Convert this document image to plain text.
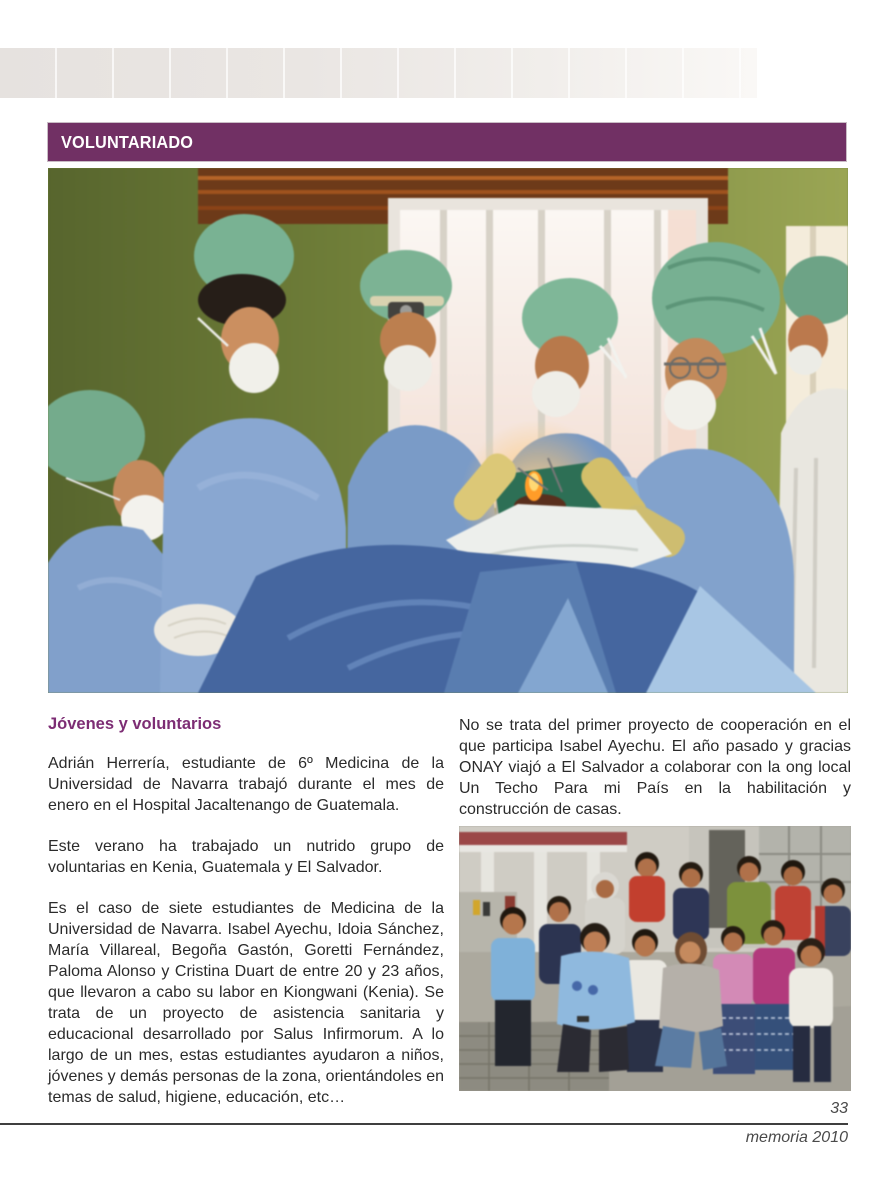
VOLUNTARIADO
Jóvenes y voluntarios

Adrián Herrería, estudiante de 6º Medicina de la Universidad de Navarra trabajó durante el mes de enero en el Hospital Jacaltenango de Guatemala.

Este verano ha trabajado un nutrido grupo de voluntarias en Kenia, Guatemala y El Salvador.

Es el caso de siete estudiantes de Medicina de la Universidad de Navarra. Isabel Ayechu, Idoia Sánchez, María Villareal, Begoña Gastón, Goretti Fernández, Paloma Alonso y Cristina Duart de entre 20 y 23 años, que llevaron a cabo su labor en Kiongwani (Kenia). Se trata de un proyecto de asistencia sanitaria y educacional desarrollado por Salus Infirmorum. A lo largo de un mes, estas estudiantes ayudaron a niños, jóvenes y demás personas de la zona, orientándoles en temas de salud, higiene, educación, etc…

No se trata del primer proyecto de cooperación en el que participa Isabel Ayechu. El año pasado y gracias ONAY viajó a El Salvador a colaborar con la ong local Un Techo Para mi País en la habilitación y construcción de casas.

33
memoria 2010
